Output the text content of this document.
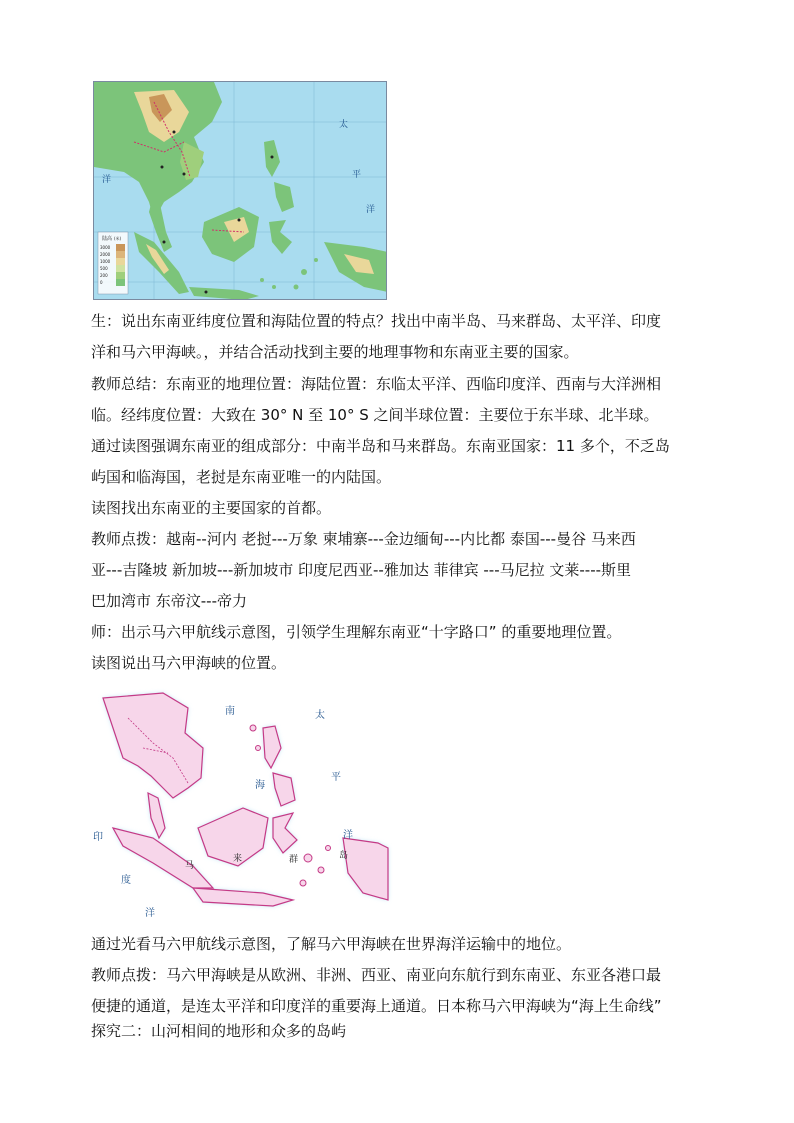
太
平
洋
洋
陆高 (米)
3000
2000
1000
500
200
0

生：说出东南亚纬度位置和海陆位置的特点？找出中南半岛、马来群岛、太平洋、印度

洋和马六甲海峡。，并结合活动找到主要的地理事物和东南亚主要的国家。

教师总结：东南亚的地理位置：海陆位置：东临太平洋、西临印度洋、西南与大洋洲相

临。经纬度位置：大致在 30° N 至 10° S 之间半球位置：主要位于东半球、北半球。

通过读图强调东南亚的组成部分：中南半岛和马来群岛。东南亚国家：11 多个，不乏岛

屿国和临海国，老挝是东南亚唯一的内陆国。

读图找出东南亚的主要国家的首都。

教师点拨：越南--河内 老挝---万象 柬埔寨---金边缅甸---内比都 泰国---曼谷 马来西

亚---吉隆坡 新加坡---新加坡市 印度尼西亚--雅加达 菲律宾 ---马尼拉 文莱----斯里

巴加湾市 东帝汶---帝力

师：出示马六甲航线示意图，引领学生理解东南亚“十字路口” 的重要地理位置。

读图说出马六甲海峡的位置。

南	太
平
海
洋
印
度
洋
马
来	群	岛

通过光看马六甲航线示意图，了解马六甲海峡在世界海洋运输中的地位。

教师点拨：马六甲海峡是从欧洲、非洲、西亚、南亚向东航行到东南亚、东亚各港口最

便捷的通道，是连太平洋和印度洋的重要海上通道。日本称马六甲海峡为“海上生命线”

探究二：山河相间的地形和众多的岛屿
